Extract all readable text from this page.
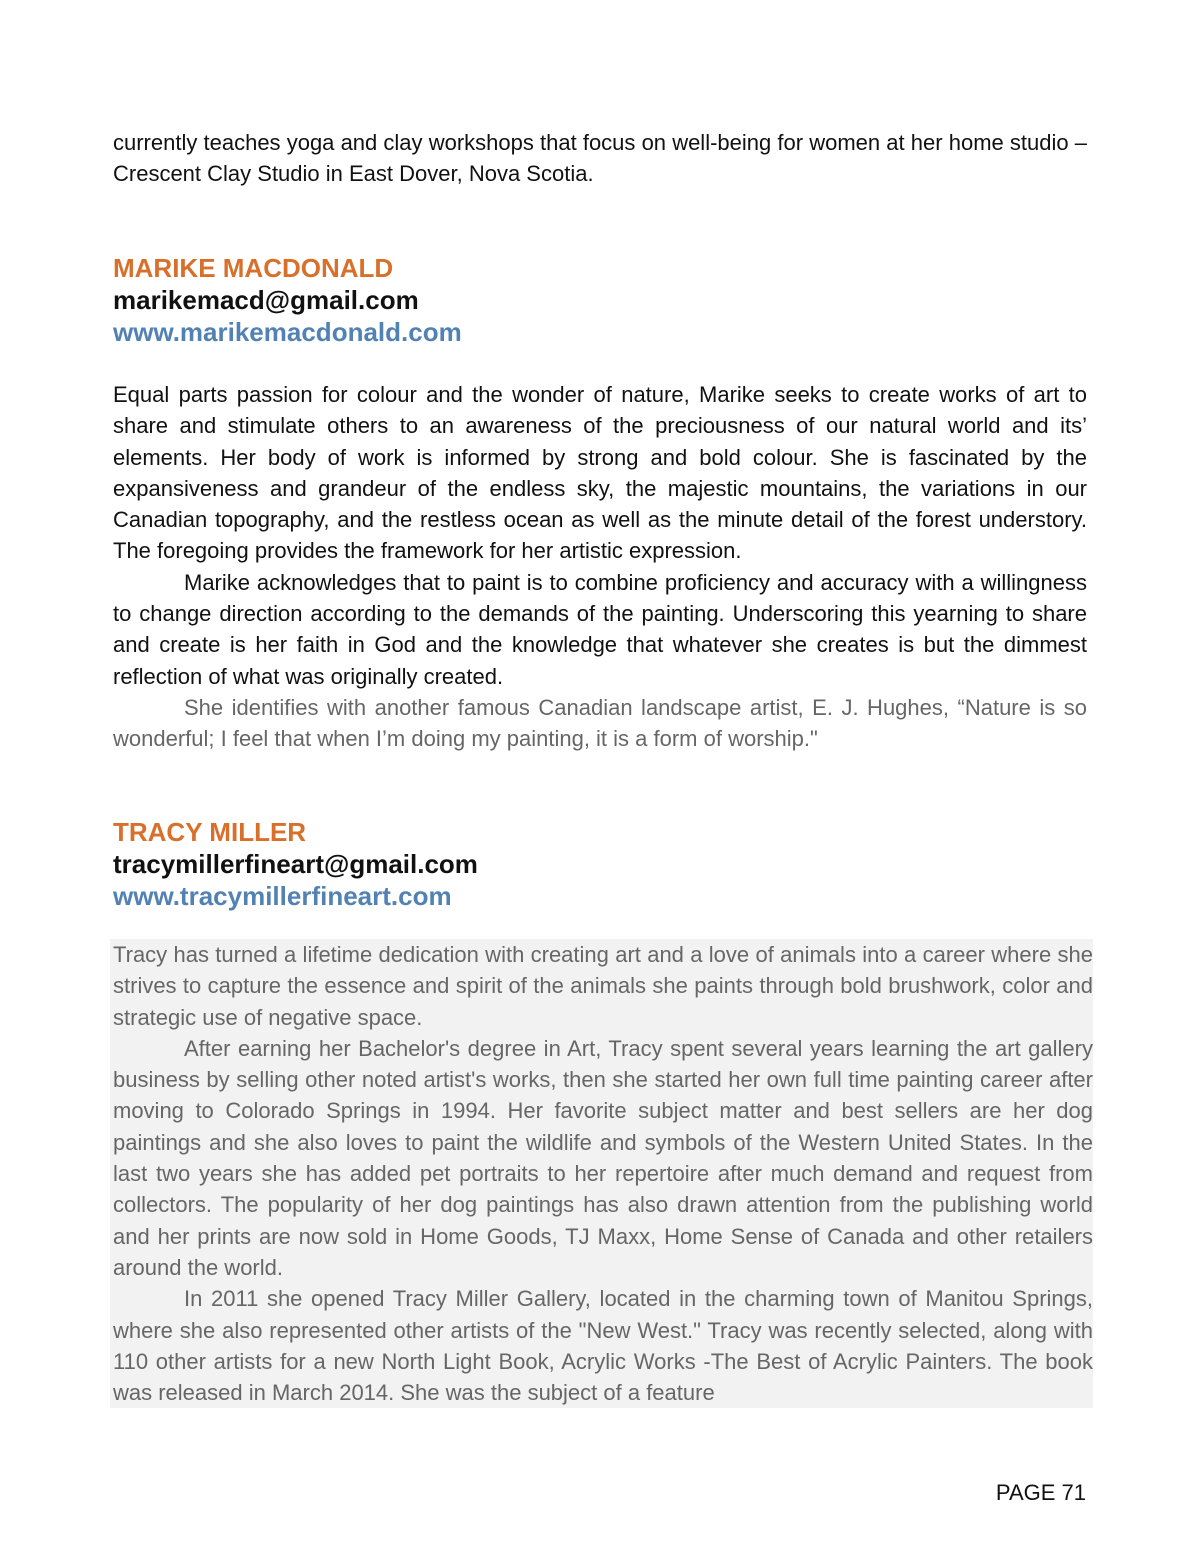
currently teaches yoga and clay workshops that focus on well-being for women at her home studio – Crescent Clay Studio in East Dover, Nova Scotia.

MARIKE MACDONALD
marikemacd@gmail.com
www.marikemacdonald.com

Equal parts passion for colour and the wonder of nature, Marike seeks to create works of art to share and stimulate others to an awareness of the preciousness of our natural world and its’ elements. Her body of work is informed by strong and bold colour. She is fascinated by the expansiveness and grandeur of the endless sky, the majestic mountains, the variations in our Canadian topography, and the restless ocean as well as the minute detail of the forest understory. The foregoing provides the framework for her artistic expression.

Marike acknowledges that to paint is to combine proficiency and accuracy with a willingness to change direction according to the demands of the painting. Underscoring this yearning to share and create is her faith in God and the knowledge that whatever she creates is but the dimmest reflection of what was originally created.

She identifies with another famous Canadian landscape artist, E. J. Hughes, “Nature is so wonderful; I feel that when I’m doing my painting, it is a form of worship."

TRACY MILLER
tracymillerfineart@gmail.com
www.tracymillerfineart.com

Tracy has turned a lifetime dedication with creating art and a love of animals into a career where she strives to capture the essence and spirit of the animals she paints through bold brushwork, color and strategic use of negative space.

After earning her Bachelor's degree in Art, Tracy spent several years learning the art gallery business by selling other noted artist's works, then she started her own full time painting career after moving to Colorado Springs in 1994. Her favorite subject matter and best sellers are her dog paintings and she also loves to paint the wildlife and symbols of the Western United States. In the last two years she has added pet portraits to her repertoire after much demand and request from collectors. The popularity of her dog paintings has also drawn attention from the publishing world and her prints are now sold in Home Goods, TJ Maxx, Home Sense of Canada and other retailers around the world.

In 2011 she opened Tracy Miller Gallery, located in the charming town of Manitou Springs, where she also represented other artists of the "New West." Tracy was recently selected, along with 110 other artists for a new North Light Book, Acrylic Works -The Best of Acrylic Painters. The book was released in March 2014. She was the subject of a feature

PAGE 71
